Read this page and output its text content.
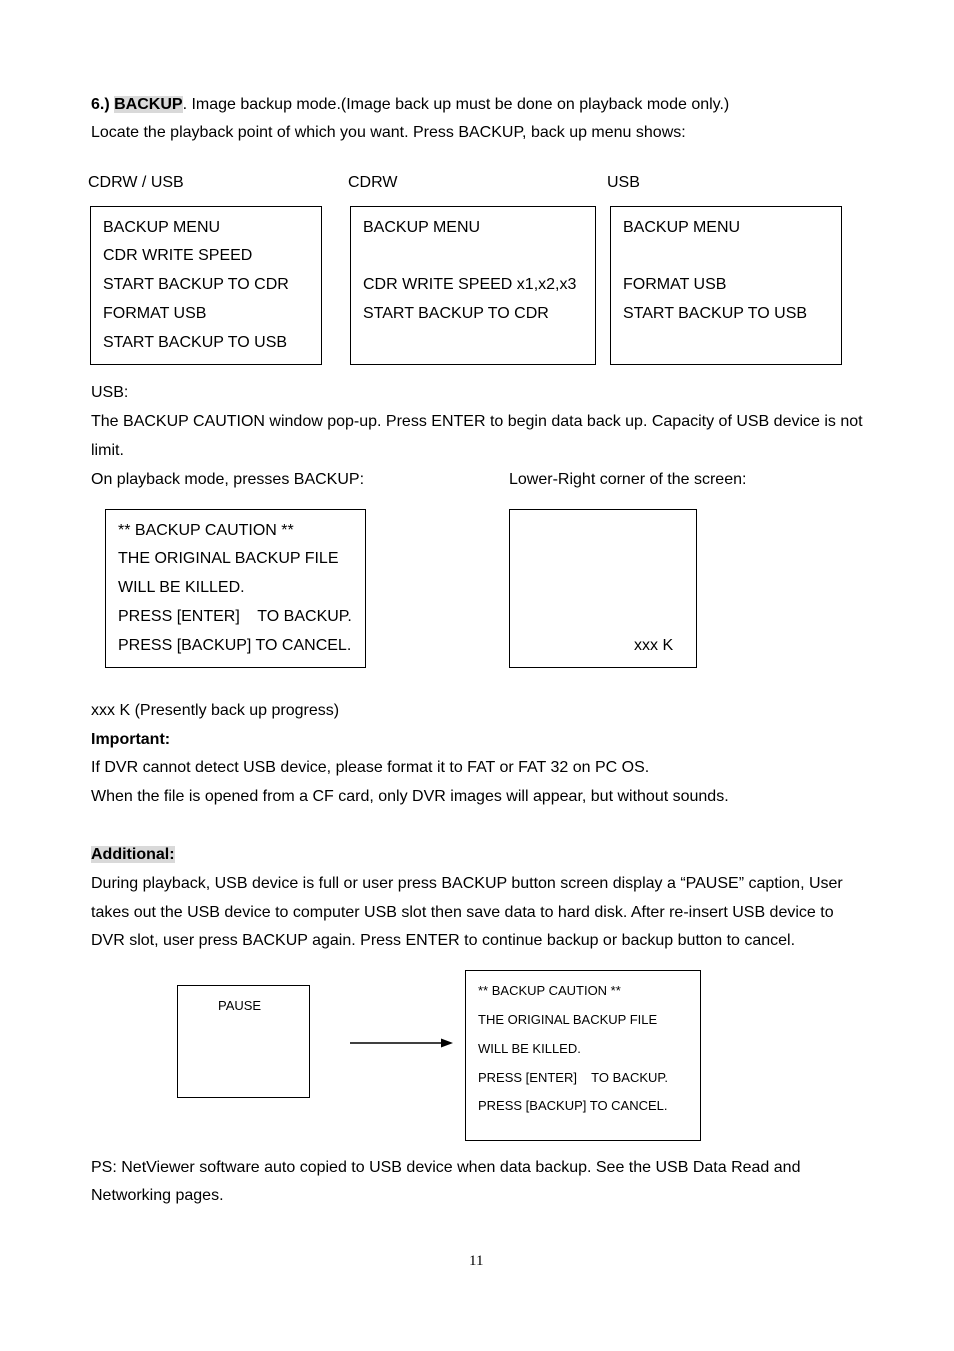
6.) BACKUP. Image backup mode.(Image back up must be done on playback mode only.)
Locate the playback point of which you want. Press BACKUP, back up menu shows:
CDRW / USB	CDRW	USB
BACKUP MENU
CDR WRITE SPEED
START BACKUP TO CDR
FORMAT USB
START BACKUP TO USB
BACKUP MENU
CDR WRITE SPEED x1,x2,x3
START BACKUP TO CDR
BACKUP MENU
FORMAT USB
START BACKUP TO USB
USB:
The BACKUP CAUTION window pop-up. Press ENTER to begin data back up. Capacity of USB device is not
limit.
On playback mode, presses BACKUP:	Lower-Right corner of the screen:
** BACKUP CAUTION **
THE ORIGINAL BACKUP FILE
WILL BE KILLED.
PRESS [ENTER]    TO BACKUP.
PRESS [BACKUP] TO CANCEL.	xxx K
xxx K (Presently back up progress)
Important:
If DVR cannot detect USB device, please format it to FAT or FAT 32 on PC OS.
When the file is opened from a CF card, only DVR images will appear, but without sounds.
Additional:
During playback, USB device is full or user press BACKUP button screen display a “PAUSE” caption, User
takes out the USB device to computer USB slot then save data to hard disk. After re-insert USB device to
DVR slot, user press BACKUP again. Press ENTER to continue backup or backup button to cancel.
PAUSE
** BACKUP CAUTION **
THE ORIGINAL BACKUP FILE
WILL BE KILLED.
PRESS [ENTER]    TO BACKUP.
PRESS [BACKUP] TO CANCEL.
PS: NetViewer software auto copied to USB device when data backup. See the USB Data Read and
Networking pages.
11
